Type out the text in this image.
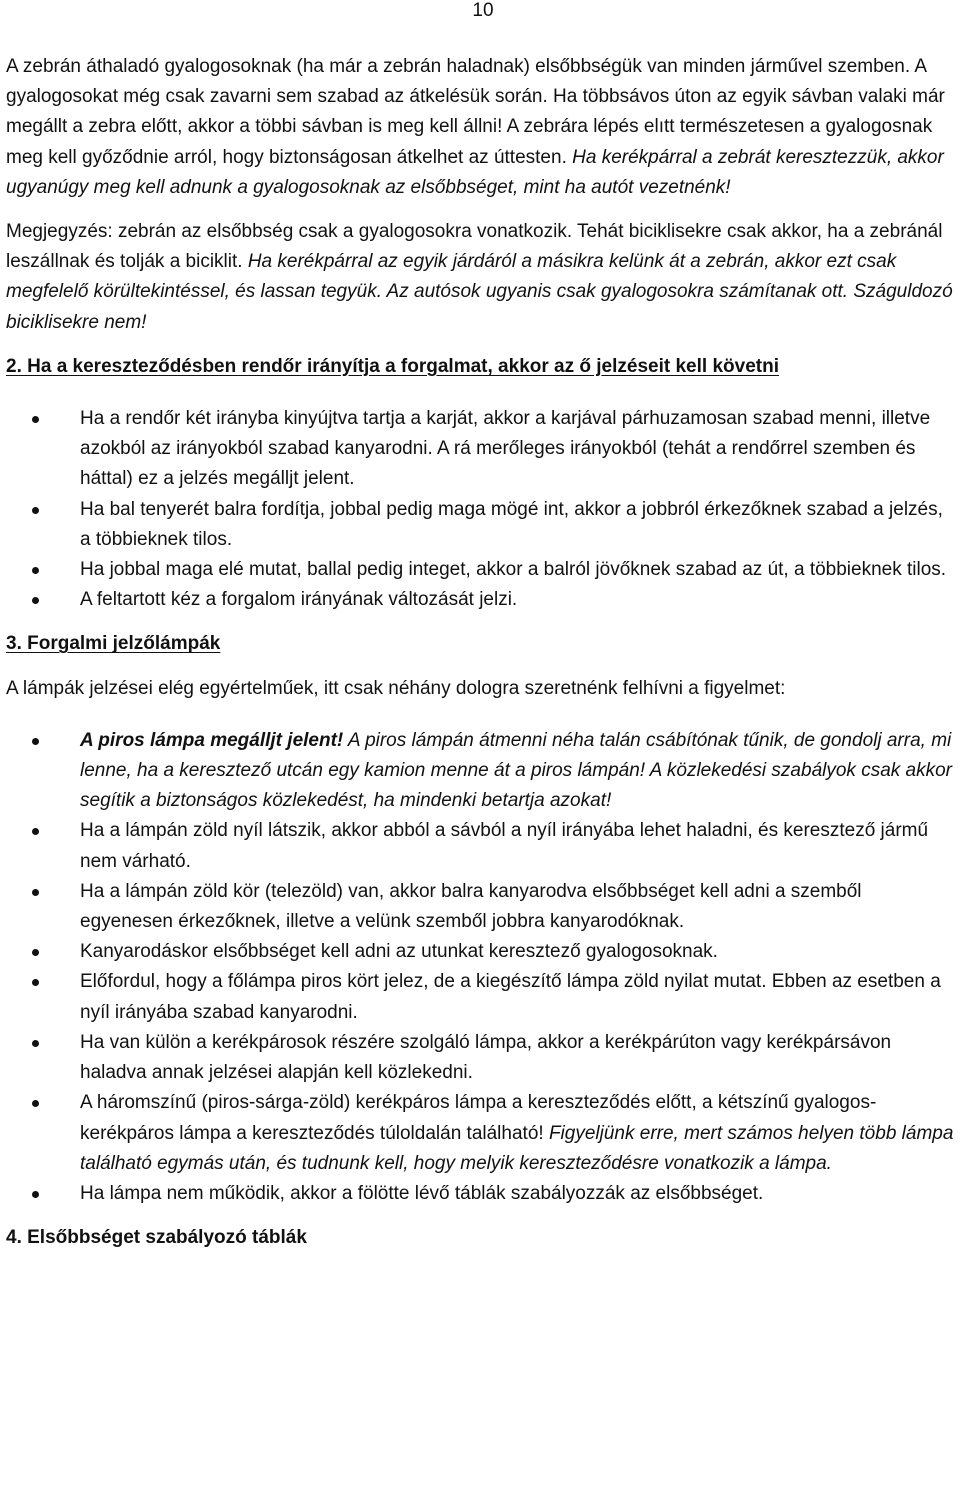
10

A zebrán áthaladó gyalogosoknak (ha már a zebrán haladnak) elsőbbségük van minden járművel szemben. A gyalogosokat még csak zavarni sem szabad az átkelésük során. Ha többsávos úton az egyik sávban valaki már megállt a zebra előtt, akkor a többi sávban is meg kell állni! A zebrára lépés elıtt természetesen a gyalogosnak meg kell győződnie arról, hogy biztonságosan átkelhet az úttesten. Ha kerékpárral a zebrát keresztezzük, akkor ugyanúgy meg kell adnunk a gyalogosoknak az elsőbbséget, mint ha autót vezetnénk!

Megjegyzés: zebrán az elsőbbség csak a gyalogosokra vonatkozik. Tehát biciklisekre csak akkor, ha a zebránál leszállnak és tolják a biciklit. Ha kerékpárral az egyik járdáról a másikra kelünk át a zebrán, akkor ezt csak megfelelő körültekintéssel, és lassan tegyük. Az autósok ugyanis csak gyalogosokra számítanak ott. Száguldozó biciklisekre nem!

2. Ha a kereszteződésben rendőr irányítja a forgalmat, akkor az ő jelzéseit kell követni
Ha a rendőr két irányba kinyújtva tartja a karját, akkor a karjával párhuzamosan szabad menni, illetve azokból az irányokból szabad kanyarodni. A rá merőleges irányokból (tehát a rendőrrel szemben és háttal) ez a jelzés megálljt jelent.
Ha bal tenyerét balra fordítja, jobbal pedig maga mögé int, akkor a jobbról érkezőknek szabad a jelzés, a többieknek tilos.
Ha jobbal maga elé mutat, ballal pedig integet, akkor a balról jövőknek szabad az út, a többieknek tilos.
A feltartott kéz a forgalom irányának változását jelzi.
3. Forgalmi jelzőlámpák

A lámpák jelzései elég egyértelműek, itt csak néhány dologra szeretnénk felhívni a figyelmet:

A piros lámpa megálljt jelent! A piros lámpán átmenni néha talán csábítónak tűnik, de gondolj arra, mi lenne, ha a keresztező utcán egy kamion menne át a piros lámpán! A közlekedési szabályok csak akkor segítik a biztonságos közlekedést, ha mindenki betartja azokat!
Ha a lámpán zöld nyíl látszik, akkor abból a sávból a nyíl irányába lehet haladni, és keresztező jármű nem várható.
Ha a lámpán zöld kör (telezöld) van, akkor balra kanyarodva elsőbbséget kell adni a szemből egyenesen érkezőknek, illetve a velünk szemből jobbra kanyarodóknak.
Kanyarodáskor elsőbbséget kell adni az utunkat keresztező gyalogosoknak.
Előfordul, hogy a főlámpa piros kört jelez, de a kiegészítő lámpa zöld nyilat mutat. Ebben az esetben a nyíl irányába szabad kanyarodni.
Ha van külön a kerékpárosok részére szolgáló lámpa, akkor a kerékpárúton vagy kerékpársávon haladva annak jelzései alapján kell közlekedni.
A háromszínű (piros-sárga-zöld) kerékpáros lámpa a kereszteződés előtt, a kétszínű gyalogos-kerékpáros lámpa a kereszteződés túloldalán található! Figyeljünk erre, mert számos helyen több lámpa található egymás után, és tudnunk kell, hogy melyik kereszteződésre vonatkozik a lámpa.
Ha lámpa nem működik, akkor a fölötte lévő táblák szabályozzák az elsőbbséget.
4. Elsőbbséget szabályozó táblák
